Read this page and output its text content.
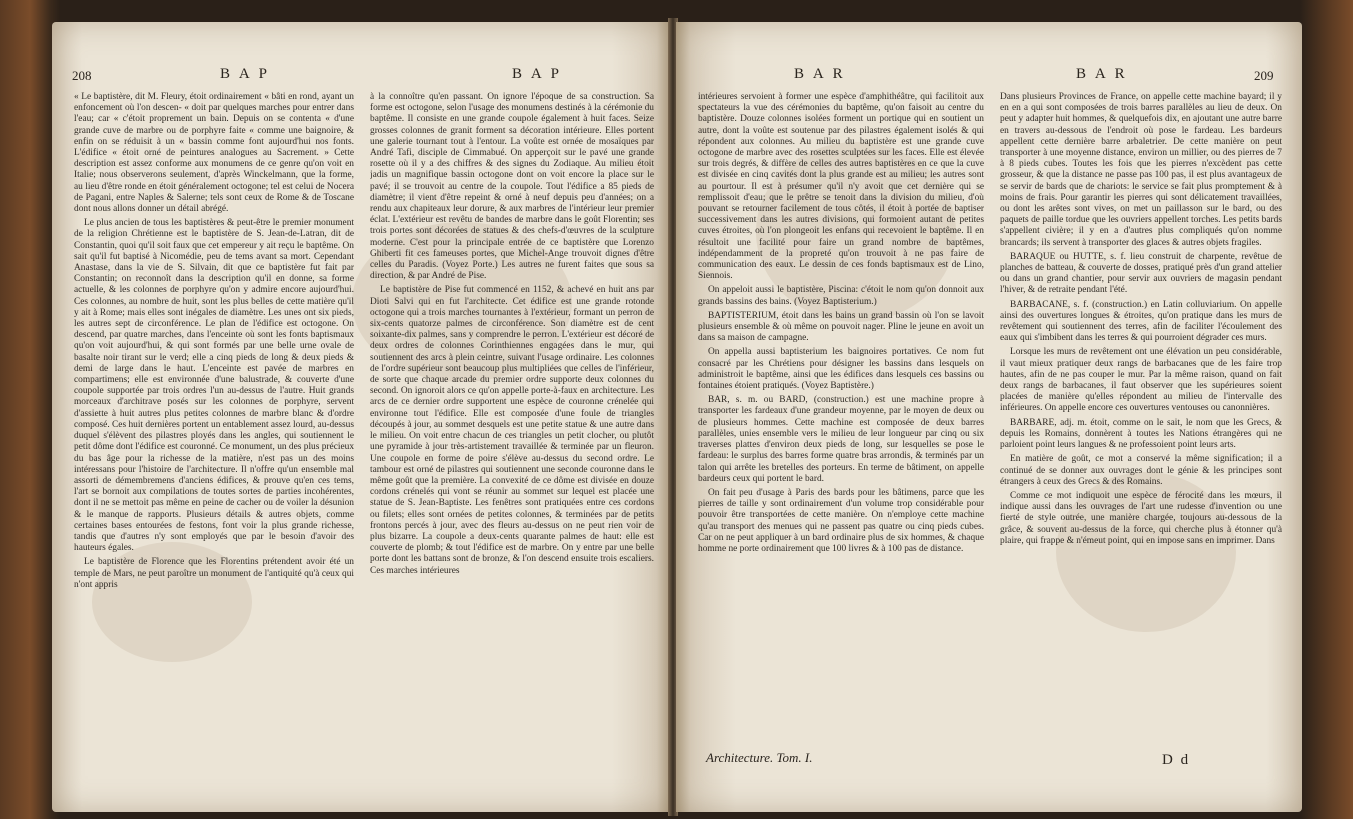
208	B A P	B A P

« Le baptistère, dit M. Fleury, étoit ordinairement « bâti en rond, ayant un enfoncement où l'on descen- « doit par quelques marches pour entrer dans l'eau; car « c'étoit proprement un bain. Depuis on se contenta « d'une grande cuve de marbre ou de porphyre faite « comme une baignoire, & enfin on se réduisit à un « bassin comme font aujourd'hui nos fonts. L'édifice « étoit orné de peintures analogues au Sacrement. » Cette description est assez conforme aux monumens de ce genre qu'on voit en Italie; nous observerons seulement, d'après Winckelmann, que la forme, au lieu d'être ronde en étoit généralement octogone; tel est celui de Nocera de Pagani, entre Naples & Salerne; tels sont ceux de Rome & de Toscane dont nous allons donner un détail abrégé.

Le plus ancien de tous les baptistères & peut-être le premier monument de la religion Chrétienne est le baptistère de S. Jean-de-Latran, dit de Constantin, quoi qu'il soit faux que cet empereur y ait reçu le baptême. On sait qu'il fut baptisé à Nicomédie, peu de tems avant sa mort. Cependant Anastase, dans la vie de S. Silvain, dit que ce baptistère fut fait par Constantin; on reconnoît dans la description qu'il en donne, sa forme actuelle, & les colonnes de porphyre qu'on y admire encore aujourd'hui. Ces colonnes, au nombre de huit, sont les plus belles de cette matière qu'il y ait à Rome; mais elles sont inégales de diamètre. Les unes ont six pieds, les autres sept de circonférence. Le plan de l'édifice est octogone. On descend, par quatre marches, dans l'enceinte où sont les fonts baptismaux qu'on voit aujourd'hui, & qui sont formés par une belle urne ovale de basalte noir tirant sur le verd; elle a cinq pieds de long & deux pieds & demi de large dans le haut. L'enceinte est pavée de marbres en compartimens; elle est environnée d'une balustrade, & couverte d'une coupole supportée par trois ordres l'un au-dessus de l'autre. Huit grands morceaux d'architrave posés sur les colonnes de porphyre, servent d'assiette à huit autres plus petites colonnes de marbre blanc & d'ordre composé. Ces huit dernières portent un entablement assez lourd, au-dessus duquel s'élèvent des pilastres ployés dans les angles, qui soutiennent le petit dôme dont l'édifice est couronné. Ce monument, un des plus précieux du bas âge pour la richesse de la matière, n'est pas un des moins intéressans pour l'histoire de l'architecture. Il n'offre qu'un ensemble mal assorti de démembremens d'anciens édifices, & prouve qu'en ces tems, l'art se bornoit aux compilations de toutes sortes de parties incohérentes, dont il ne se mettoit pas même en peine de cacher ou de voiler la désunion & le manque de rapports. Plusieurs détails & autres objets, comme certaines bases entourées de festons, font voir la plus grande richesse, tandis que d'autres n'y sont employés que par le besoin d'avoir des hauteurs égales.

Le baptistère de Florence que les Florentins prétendent avoir été un temple de Mars, ne peut paroître un monument de l'antiquité qu'à ceux qui n'ont appris

à la connoître qu'en passant. On ignore l'époque de sa construction. Sa forme est octogone, selon l'usage des monumens destinés à la cérémonie du baptême. Il consiste en une grande coupole également à huit faces. Seize grosses colonnes de granit forment sa décoration intérieure. Elles portent une galerie tournant tout à l'entour. La voûte est ornée de mosaïques par André Tafi, disciple de Cimmabué. On apperçoit sur le pavé une grande rosette où il y a des chiffres & des signes du Zodiaque. Au milieu étoit jadis un magnifique bassin octogone dont on voit encore la place sur le pavé; il se trouvoit au centre de la coupole. Tout l'édifice a 85 pieds de diamètre; il vient d'être repeint & orné à neuf depuis peu d'années; on a rendu aux chapiteaux leur dorure, & aux marbres de l'intérieur leur premier éclat. L'extérieur est revêtu de bandes de marbre dans le goût Florentin; ses trois portes sont décorées de statues & des chefs-d'œuvres de la sculpture moderne. C'est pour la principale entrée de ce baptistère que Lorenzo Ghiberti fit ces fameuses portes, que Michel-Ange trouvoit dignes d'être celles du Paradis. (Voyez Porte.) Les autres ne furent faites que sous sa direction, & par André de Pise.

Le baptistère de Pise fut commencé en 1152, & achevé en huit ans par Dioti Salvi qui en fut l'architecte. Cet édifice est une grande rotonde octogone qui a trois marches tournantes à l'extérieur, formant un perron de six-cents quatorze palmes de circonférence. Son diamètre est de cent soixante-dix palmes, sans y comprendre le perron. L'extérieur est décoré de deux ordres de colonnes Corinthiennes engagées dans le mur, qui soutiennent des arcs à plein ceintre, suivant l'usage ordinaire. Les colonnes de l'ordre supérieur sont beaucoup plus multipliées que celles de l'inférieur, de sorte que chaque arcade du premier ordre supporte deux colonnes du second. On ignoroit alors ce qu'on appelle porte-à-faux en architecture. Les arcs de ce dernier ordre supportent une espèce de couronne crénelée qui environne tout l'édifice. Elle est composée d'une foule de triangles découpés à jour, au sommet desquels est une petite statue & une autre dans le milieu. On voit entre chacun de ces triangles un petit clocher, ou plutôt une pyramide à jour très-artistement travaillée & terminée par un fleuron. Une coupole en forme de poire s'élève au-dessus du second ordre. Le tambour est orné de pilastres qui soutiennent une seconde couronne dans le même goût que la première. La convexité de ce dôme est divisée en douze cordons crénelés qui vont se réunir au sommet sur lequel est placée une statue de S. Jean-Baptiste. Les fenêtres sont pratiquées entre ces cordons ou filets; elles sont ornées de petites colonnes, & terminées par de petits frontons percés à jour, avec des fleurs au-dessus on ne peut rien voir de plus bizarre. La coupole a deux-cents quarante palmes de haut: elle est couverte de plomb; & tout l'édifice est de marbre. On y entre par une belle porte dont les battans sont de bronze, & l'on descend ensuite trois escaliers. Ces marches intérieures

B A R	B A R	209

intérieures servoient à former une espèce d'amphithéâtre, qui facilitoit aux spectateurs la vue des cérémonies du baptême, qu'on faisoit au centre du baptistère. Douze colonnes isolées forment un portique qui en soutient un autre, dont la voûte est soutenue par des pilastres également isolés & qui répondent aux colonnes. Au milieu du baptistère est une grande cuve octogone de marbre avec des rosettes sculptées sur les faces. Elle est élevée sur trois degrés, & diffère de celles des autres baptistères en ce que la cuve est divisée en cinq cavités dont la plus grande est au milieu; les autres sont au pourtour. Il est à présumer qu'il n'y avoit que cet dernière qui se remplissoit d'eau; que le prêtre se tenoit dans la division du milieu, d'où pouvant se retourner facilement de tous côtés, il étoit à portée de baptiser successivement dans les autres divisions, qui formoient autant de petites cuves étroites, où l'on plongeoit les enfans qui recevoient le baptême. Il en résultoit une facilité pour faire un grand nombre de baptêmes, indépendamment de la propreté qu'on trouvoit à ne pas faire de communication des eaux. Le dessin de ces fonds baptismaux est de Lino, Siennois.

On appeloit aussi le baptistère, Piscina: c'étoit le nom qu'on donnoit aux grands bassins des bains. (Voyez Baptisterium.)

BAPTISTERIUM, étoit dans les bains un grand bassin où l'on se lavoit plusieurs ensemble & où même on pouvoit nager. Pline le jeune en avoit un dans sa maison de campagne.

On appella aussi baptisterium les baignoires portatives. Ce nom fut consacré par les Chrétiens pour désigner les bassins dans lesquels on administroit le baptême, ainsi que les édifices dans lesquels ces bassins ou fontaines étoient pratiqués. (Voyez Baptistère.)

BAR, s. m. ou BARD, (construction.) est une machine propre à transporter les fardeaux d'une grandeur moyenne, par le moyen de deux ou de plusieurs hommes. Cette machine est composée de deux barres parallèles, unies ensemble vers le milieu de leur longueur par cinq ou six traverses plattes d'environ deux pieds de long, sur lesquelles se pose le fardeau: le surplus des barres forme quatre bras arrondis, & terminés par un talon qui arrête les bretelles des porteurs. En terme de bâtiment, on appelle bardeurs ceux qui portent le bard.

On fait peu d'usage à Paris des bards pour les bâtimens, parce que les pierres de taille y sont ordinairement d'un volume trop considérable pour pouvoir être transportées de cette manière. On n'employe cette machine qu'au transport des menues qui ne passent pas quatre ou cinq pieds cubes. Car on ne peut appliquer à un bard ordinaire plus de six hommes, & chaque homme ne porte ordinairement que 100 livres & à 100 pas de distance.

Dans plusieurs Provinces de France, on appelle cette machine bayard; il y en en a qui sont composées de trois barres parallèles au lieu de deux. On peut y adapter huit hommes, & quelquefois dix, en ajoutant une autre barre en travers au-dessous de l'endroit où pose le fardeau. Les bardeurs appellent cette dernière barre arbaletrier. De cette manière on peut transporter à une moyenne distance, environ un millier, ou des pierres de 7 à 8 pieds cubes. Toutes les fois que les pierres n'excèdent pas cette grosseur, & que la distance ne passe pas 100 pas, il est plus avantageux de se servir de bards que de chariots: le service se fait plus promptement & à moins de frais. Pour garantir les pierres qui sont délicatement travaillées, ou dont les arêtes sont vives, on met un paillasson sur le bard, ou des paquets de paille tordue que les ouvriers appellent torches. Les petits bards s'appellent civière; il y en a d'autres plus compliqués qu'on nomme brancards; ils servent à transporter des glaces & autres objets fragiles.

BARAQUE ou HUTTE, s. f. lieu construit de charpente, revêtue de planches de batteau, & couverte de dosses, pratiqué près d'un grand attelier ou dans un grand chantier, pour servir aux ouvriers de magasin pendant l'hiver, & de retraite pendant l'été.

BARBACANE, s. f. (construction.) en Latin colluviarium. On appelle ainsi des ouvertures longues & étroites, qu'on pratique dans les murs de revêtement qui soutiennent des terres, afin de faciliter l'écoulement des eaux qui s'imbibent dans les terres & qui pourroient dégrader ces murs.

Lorsque les murs de revêtement ont une élévation un peu considérable, il vaut mieux pratiquer deux rangs de barbacanes que de les faire trop hautes, afin de ne pas couper le mur. Par la même raison, quand on fait deux rangs de barbacanes, il faut observer que les supérieures soient placées de manière qu'elles répondent au milieu de l'intervalle des inférieures. On appelle encore ces ouvertures ventouses ou canonnières.

BARBARE, adj. m. étoit, comme on le sait, le nom que les Grecs, & depuis les Romains, donnèrent à toutes les Nations étrangères qui ne parloient point leurs langues & ne professoient point leurs arts.

En matière de goût, ce mot a conservé la même signification; il a continué de se donner aux ouvrages dont le génie & les principes sont étrangers à ceux des Grecs & des Romains.

Comme ce mot indiquoit une espèce de férocité dans les mœurs, il indique aussi dans les ouvrages de l'art une rudesse d'invention ou une fierté de style outrée, une manière chargée, toujours au-dessous de la grâce, & souvent au-dessus de la force, qui cherche plus à étonner qu'à plaire, qui frappe & n'émeut point, qui en impose sans en imprimer. Dans

Architecture. Tom. I.	D d
